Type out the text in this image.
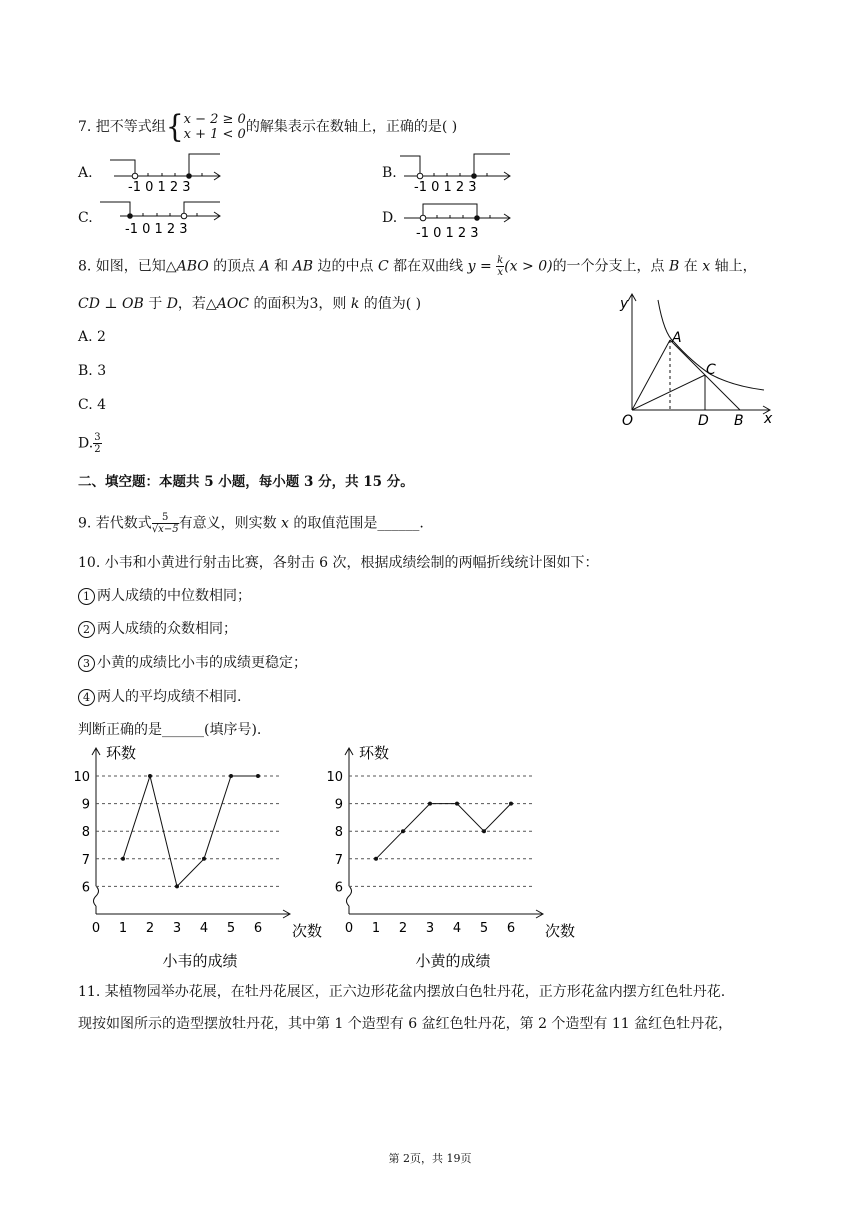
7. 把不等式组{ x − 2 ≥ 0
x + 1 < 0 的解集表示在数轴上，正确的是( )
A.	B.
C.	D.
-1 0 1 2 3	-1 0 1 2 3
-1 0 1 2 3	-1 0 1 2 3
8. 如图，已知△ABO 的顶点 A 和 AB 边的中点 C 都在双曲线 $y = \frac{k}{x} (x > 0)$的一个分支上，点 B 在 x 轴上，
CD ⊥ OB 于 D，若△AOC 的面积为3，则 k 的值为( )
A. 2
B. 3
C. 4
D. $\frac{3}{2}$
y
x
O
A
C
D B
二、填空题：本题共 5 小题，每小题 3 分，共 15 分。
9. 若代数式 $\frac{5}{√x-5}$ 有意义，则实数 x 的取值范围是______.
10. 小韦和小黄进行射击比赛，各射击 6 次，根据成绩绘制的两幅折线统计图如下：
1 两人成绩的中位数相同；
2 两人成绩的众数相同；
3 小黄的成绩比小韦的成绩更稳定；
4 两人的平均成绩不相同.
判断正确的是______(填序号).
6
7
8
9
10
0 1 2 3 4 5 6
环数
次数
小韦的成绩
6
7
8
9
10
0 1 2 3 4 5 6
环数
次数
小黄的成绩
11. 某植物园举办花展，在牡丹花展区，正六边形花盆内摆放白色牡丹花，正方形花盆内摆方红色牡丹花.
现按如图所示的造型摆放牡丹花，其中第 1 个造型有 6 盆红色牡丹花，第 2 个造型有 11 盆红色牡丹花，
第 2页，共 19页
